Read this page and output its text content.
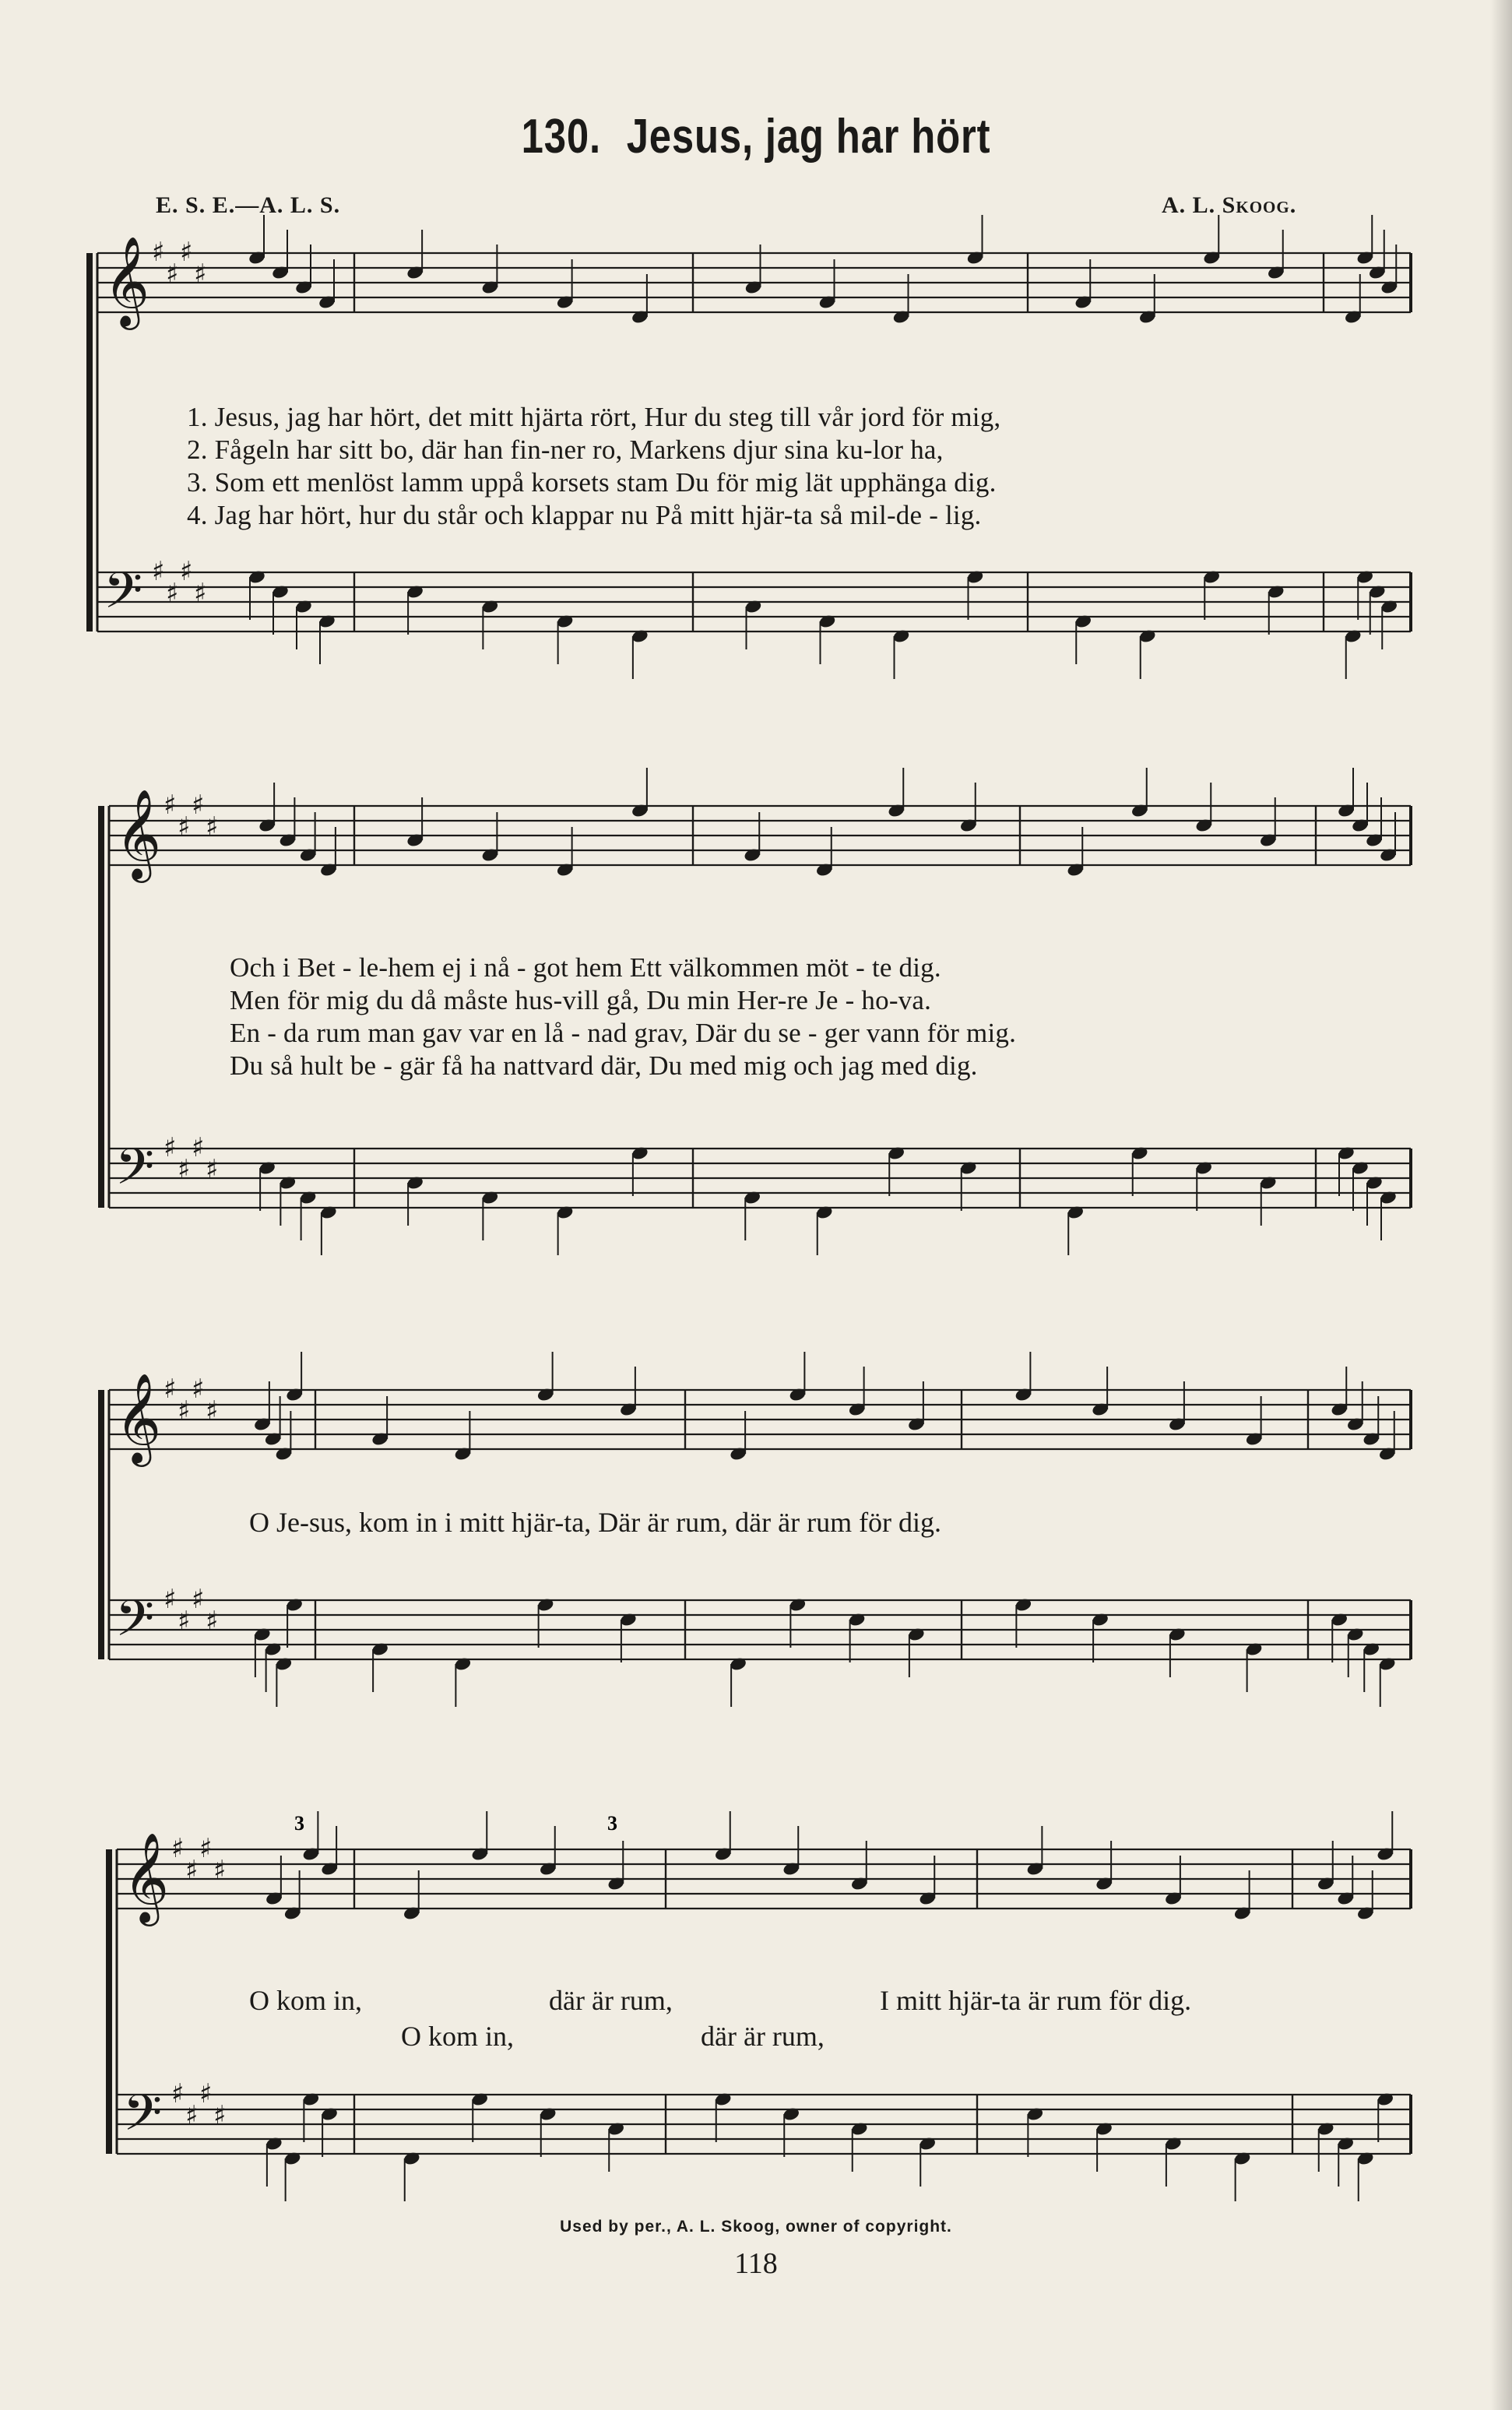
130. Jesus, jag har hört
E. S. E.—A. L. S.	A. L. Skoog.
𝄞 ♯
♯
♯
♯
𝄢 ♯
♯
♯
♯
𝄞 ♯
♯
♯
♯
𝄢 ♯
♯
♯
♯
𝄞 ♯
♯
♯
♯
𝄢 ♯
♯
♯
♯
𝄞 ♯
♯
♯
♯
𝄢 ♯
♯
♯
♯
3
3
1. Jesus, jag har hört, det mitt hjärta rört, Hur du steg till vår jord för mig,
2. Fågeln har sitt bo, där han fin-ner ro, Markens djur sina ku-lor ha,
3. Som ett menlöst lamm uppå korsets stam Du för mig lät upphänga dig.
4. Jag har hört, hur du står och klappar nu På mitt hjär-ta så mil-de - lig.
Och i Bet - le-hem ej i nå - got hem Ett välkommen möt - te dig.
Men för mig du då måste hus-vill gå, Du min Her-re Je - ho-va.
En - da rum man gav var en lå - nad grav, Där du se - ger vann för mig.
Du så hult be - gär få ha nattvard där, Du med mig och jag med dig.
O Je-sus, kom in i mitt hjär-ta, Där är rum, där är rum för dig.
O kom in,	där är rum,	I mitt hjär-ta är rum för dig.
O kom in,	där är rum,
Used by per., A. L. Skoog, owner of copyright.
118
